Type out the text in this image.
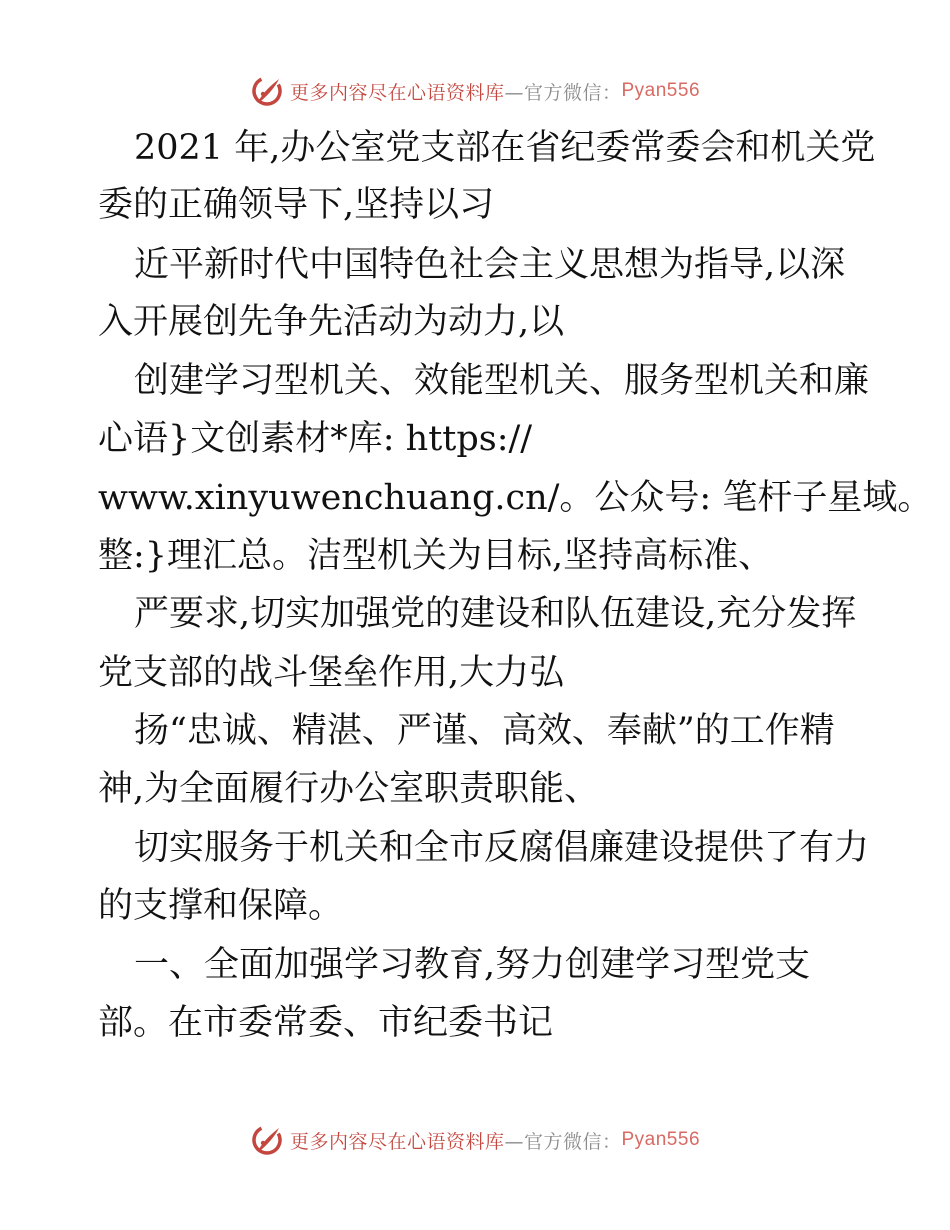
更多内容尽在心语资料库 —官方微信： Pyan556
2021 年,办公室党支部在省纪委常委会和机关党
委的正确领导下,坚持以习
近平新时代中国特色社会主义思想为指导,以深
入开展创先争先活动为动力,以
创建学习型机关、效能型机关、服务型机关和廉
心语}文创素材*库: https://
www.xinyuwenchuang.cn/。公众号: 笔杆子星域。
整:}理汇总。洁型机关为目标,坚持高标准、
严要求,切实加强党的建设和队伍建设,充分发挥
党支部的战斗堡垒作用,大力弘
扬“忠诚、精湛、严谨、高效、奉献”的工作精
神,为全面履行办公室职责职能、
切实服务于机关和全市反腐倡廉建设提供了有力
的支撑和保障。
一、全面加强学习教育,努力创建学习型党支
部。在市委常委、市纪委书记
更多内容尽在心语资料库 —官方微信： Pyan556
